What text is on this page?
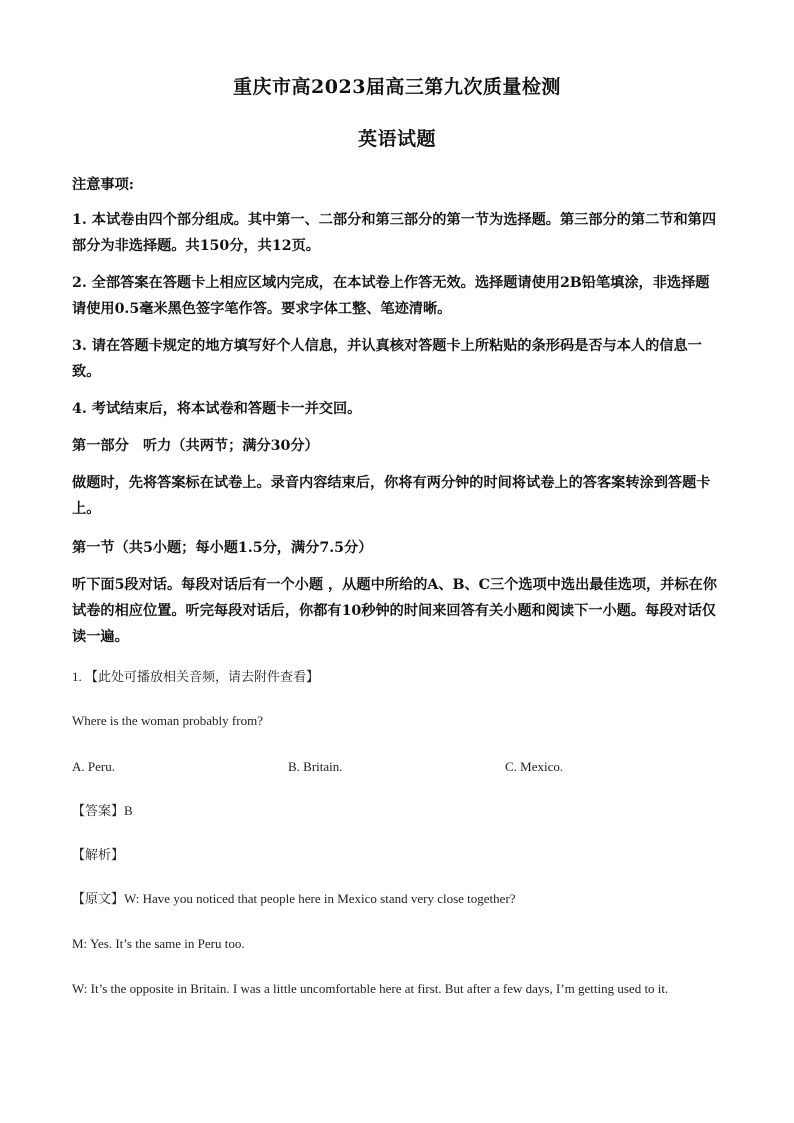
重庆市高2023届高三第九次质量检测
英语试题
注意事项:
1. 本试卷由四个部分组成。其中第一、二部分和第三部分的第一节为选择题。第三部分的第二节和第四部分为非选择题。共150分，共12页。
2. 全部答案在答题卡上相应区域内完成，在本试卷上作答无效。选择题请使用2B铅笔填涂，非选择题请使用0.5毫米黑色签字笔作答。要求字体工整、笔迹清晰。
3. 请在答题卡规定的地方填写好个人信息，并认真核对答题卡上所粘贴的条形码是否与本人的信息一致。
4. 考试结束后，将本试卷和答题卡一并交回。
第一部分　听力（共两节；满分30分）
做题时，先将答案标在试卷上。录音内容结束后，你将有两分钟的时间将试卷上的答客案转涂到答题卡上。
第一节（共5小题；每小题1.5分，满分7.5分）
听下面5段对话。每段对话后有一个小题 ，从题中所给的A、B、C三个选项中选出最佳选项，并标在你试卷的相应位置。听完每段对话后，你都有10秒钟的时间来回答有关小题和阅读下一小题。每段对话仅读一遍。
1. 【此处可播放相关音频，请去附件查看】
Where is the woman probably from?
A. Peru.	B. Britain.	C. Mexico.
【答案】B
【解析】
【原文】W: Have you noticed that people here in Mexico stand very close together?
M: Yes. It’s the same in Peru too.
W: It’s the opposite in Britain. I was a little uncomfortable here at first. But after a few days, I’m getting used to it.
